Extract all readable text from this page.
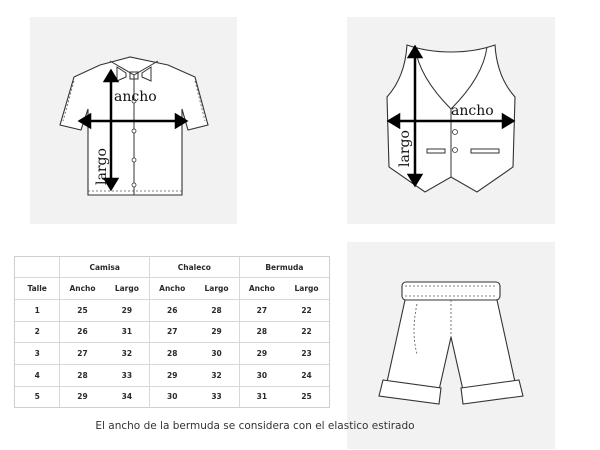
ancho
largo
ancho
largo
	Camisa		Chaleco		Bermuda	
Talle	Ancho	Largo	Ancho	Largo	Ancho	Largo
1	25	29	26	28	27	22
2	26	31	27	29	28	22
3	27	32	28	30	29	23
4	28	33	29	32	30	24
5	29	34	30	33	31	25
El ancho de la bermuda se considera con el elastico estirado
